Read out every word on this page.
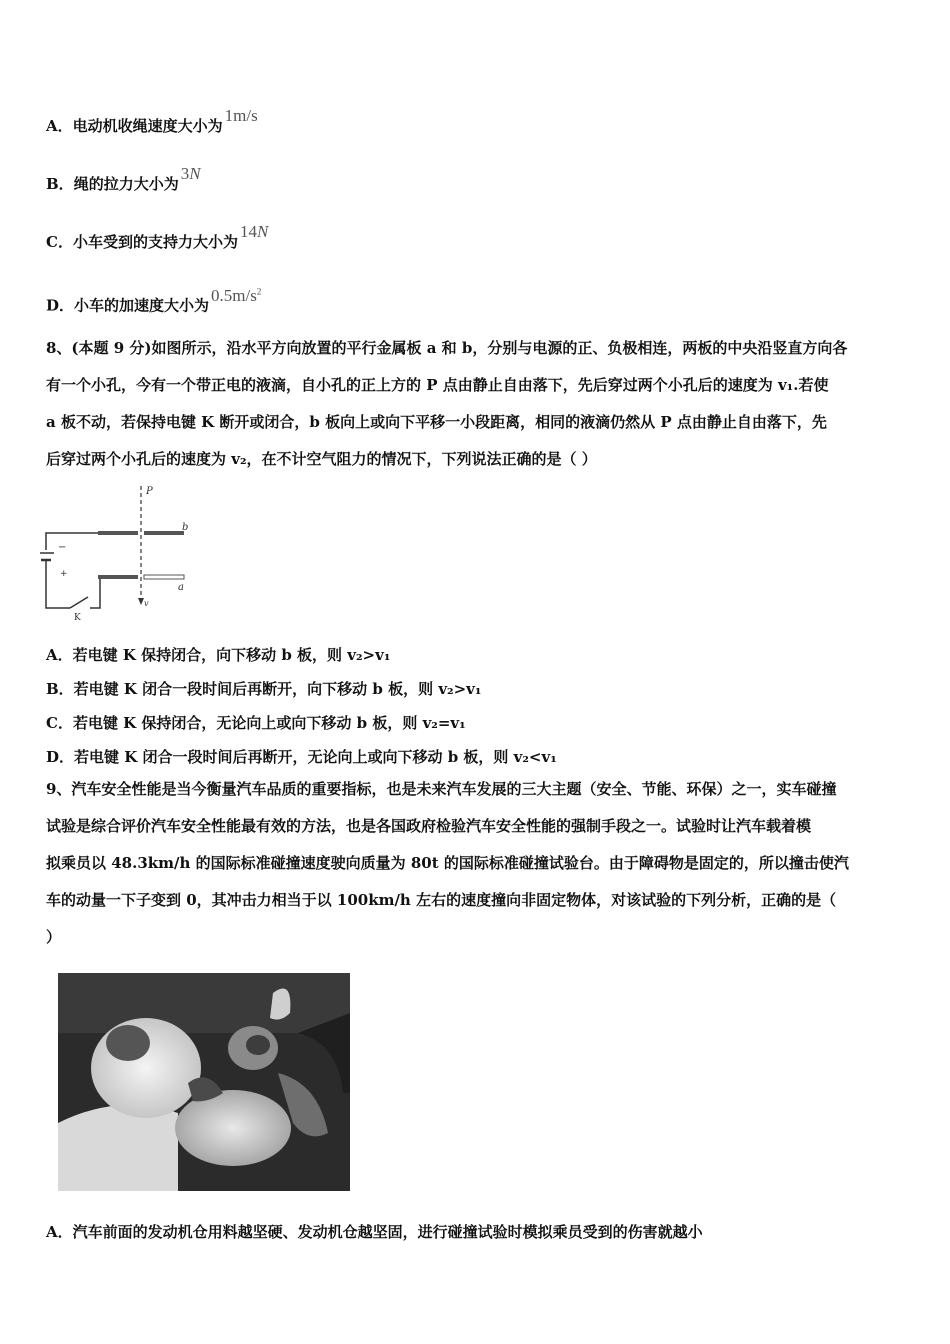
A．电动机收绳速度大小为1m/s
B．绳的拉力大小为3N
C．小车受到的支持力大小为14N
D．小车的加速度大小为$0.5m/s^2$
8、(本题 9 分)如图所示，沿水平方向放置的平行金属板 a 和 b，分别与电源的正、负极相连，两板的中央沿竖直方向各
有一个小孔，今有一个带正电的液滴，自小孔的正上方的 P 点由静止自由落下，先后穿过两个小孔后的速度为 v₁.若使
a 板不动，若保持电键 K 断开或闭合，b 板向上或向下平移一小段距离，相同的液滴仍然从 P 点由静止自由落下，先
后穿过两个小孔后的速度为 v₂，在不计空气阻力的情况下，下列说法正确的是（ ）
P
b
a
v
K
−
+
A．若电键 K 保持闭合，向下移动 b 板，则 v₂>v₁
B．若电键 K 闭合一段时间后再断开，向下移动 b 板，则 v₂>v₁
C．若电键 K 保持闭合，无论向上或向下移动 b 板，则 v₂=v₁
D．若电键 K 闭合一段时间后再断开，无论向上或向下移动 b 板，则 v₂<v₁
9、汽车安全性能是当今衡量汽车品质的重要指标，也是未来汽车发展的三大主题（安全、节能、环保）之一，实车碰撞
试验是综合评价汽车安全性能最有效的方法，也是各国政府检验汽车安全性能的强制手段之一。试验时让汽车载着模
拟乘员以 48.3km/h 的国际标准碰撞速度驶向质量为 80t 的国际标准碰撞试验台。由于障碍物是固定的，所以撞击使汽
车的动量一下子变到 0，其冲击力相当于以 100km/h 左右的速度撞向非固定物体，对该试验的下列分析，正确的是（
）
A．汽车前面的发动机仓用料越坚硬、发动机仓越坚固，进行碰撞试验时模拟乘员受到的伤害就越小
